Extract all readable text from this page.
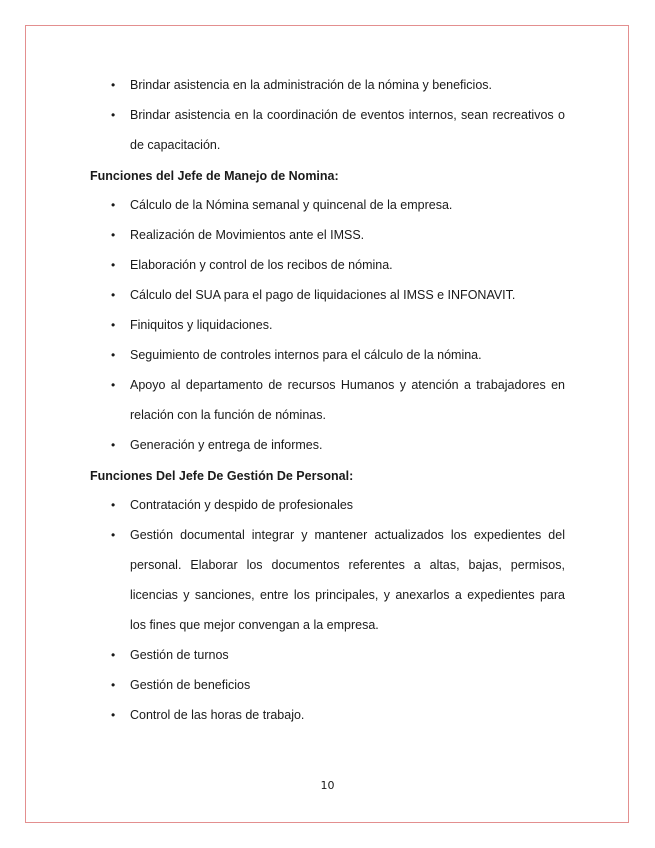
• Brindar asistencia en la administración de la nómina y beneficios.
• Brindar asistencia en la coordinación de eventos internos, sean recreativos o de capacitación.
Funciones del Jefe de Manejo de Nomina:
• Cálculo de la Nómina semanal y quincenal de la empresa.
• Realización de Movimientos ante el IMSS.
• Elaboración y control de los recibos de nómina.
• Cálculo del SUA para el pago de liquidaciones al IMSS e INFONAVIT.
• Finiquitos y liquidaciones.
• Seguimiento de controles internos para el cálculo de la nómina.
• Apoyo al departamento de recursos Humanos y atención a trabajadores en relación con la función de nóminas.
• Generación y entrega de informes.
Funciones Del Jefe De Gestión De Personal:
• Contratación y despido de profesionales
• Gestión documental integrar y mantener actualizados los expedientes del personal. Elaborar los documentos referentes a altas, bajas, permisos, licencias y sanciones, entre los principales, y anexarlos a expedientes para los fines que mejor convengan a la empresa.
• Gestión de turnos
• Gestión de beneficios
• Control de las horas de trabajo.
10
